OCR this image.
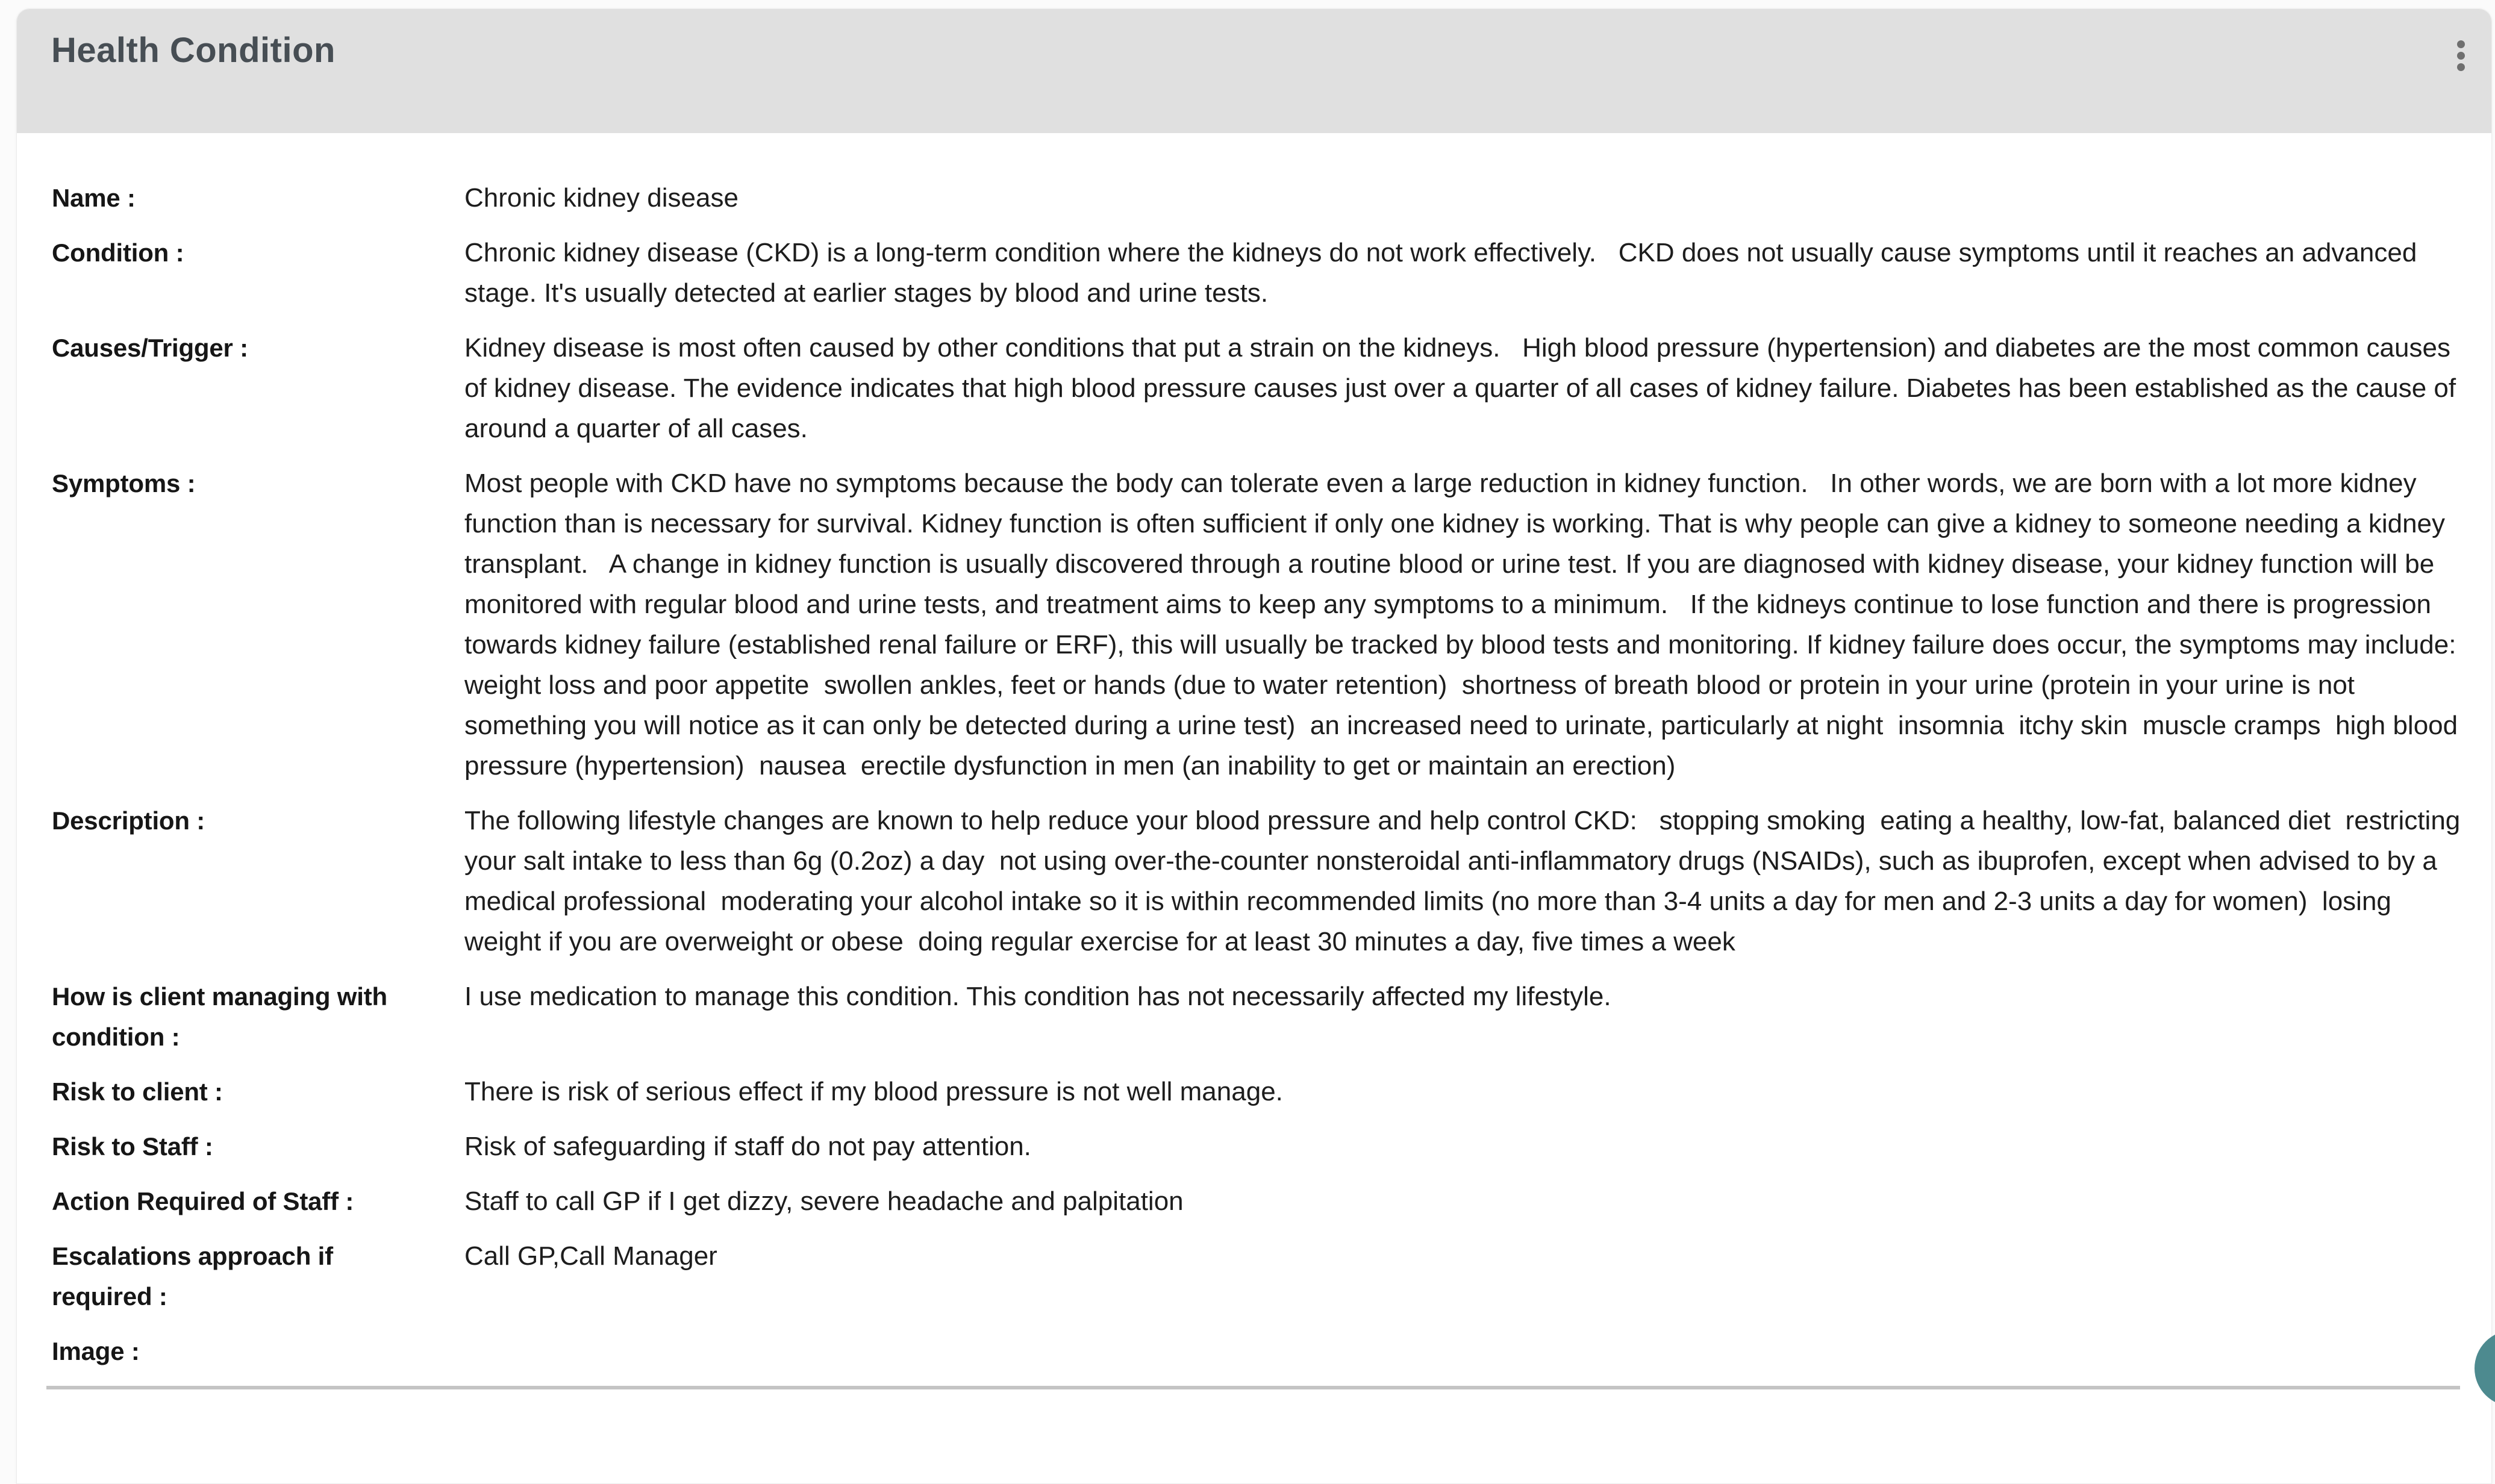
Health Condition
Name :	Chronic kidney disease
Condition :	Chronic kidney disease (CKD) is a long-term condition where the kidneys do not work effectively.   CKD does not usually cause symptoms until it reaches an advanced stage. It's usually detected at earlier stages by blood and urine tests.
Causes/Trigger :	Kidney disease is most often caused by other conditions that put a strain on the kidneys.   High blood pressure (hypertension) and diabetes are the most common causes of kidney disease. The evidence indicates that high blood pressure causes just over a quarter of all cases of kidney failure. Diabetes has been established as the cause of around a quarter of all cases.
Symptoms :	Most people with CKD have no symptoms because the body can tolerate even a large reduction in kidney function.   In other words, we are born with a lot more kidney function than is necessary for survival. Kidney function is often sufficient if only one kidney is working. That is why people can give a kidney to someone needing a kidney transplant.   A change in kidney function is usually discovered through a routine blood or urine test. If you are diagnosed with kidney disease, your kidney function will be monitored with regular blood and urine tests, and treatment aims to keep any symptoms to a minimum.   If the kidneys continue to lose function and there is progression towards kidney failure (established renal failure or ERF), this will usually be tracked by blood tests and monitoring. If kidney failure does occur, the symptoms may include:   weight loss and poor appetite  swollen ankles, feet or hands (due to water retention)  shortness of breath blood or protein in your urine (protein in your urine is not something you will notice as it can only be detected during a urine test)  an increased need to urinate, particularly at night  insomnia  itchy skin  muscle cramps  high blood pressure (hypertension)  nausea  erectile dysfunction in men (an inability to get or maintain an erection)
Description :	The following lifestyle changes are known to help reduce your blood pressure and help control CKD:   stopping smoking  eating a healthy, low-fat, balanced diet  restricting your salt intake to less than 6g (0.2oz) a day  not using over-the-counter nonsteroidal anti-inflammatory drugs (NSAIDs), such as ibuprofen, except when advised to by a medical professional  moderating your alcohol intake so it is within recommended limits (no more than 3-4 units a day for men and 2-3 units a day for women)  losing weight if you are overweight or obese  doing regular exercise for at least 30 minutes a day, five times a week
How is client managing with condition :
I use medication to manage this condition. This condition has not necessarily affected my lifestyle.
Risk to client :	There is risk of serious effect if my blood pressure is not well manage.
Risk to Staff :	Risk of safeguarding if staff do not pay attention.
Action Required of Staff :	Staff to call GP if I get dizzy, severe headache and palpitation
Escalations approach if required :
Call GP,Call Manager
Image :
